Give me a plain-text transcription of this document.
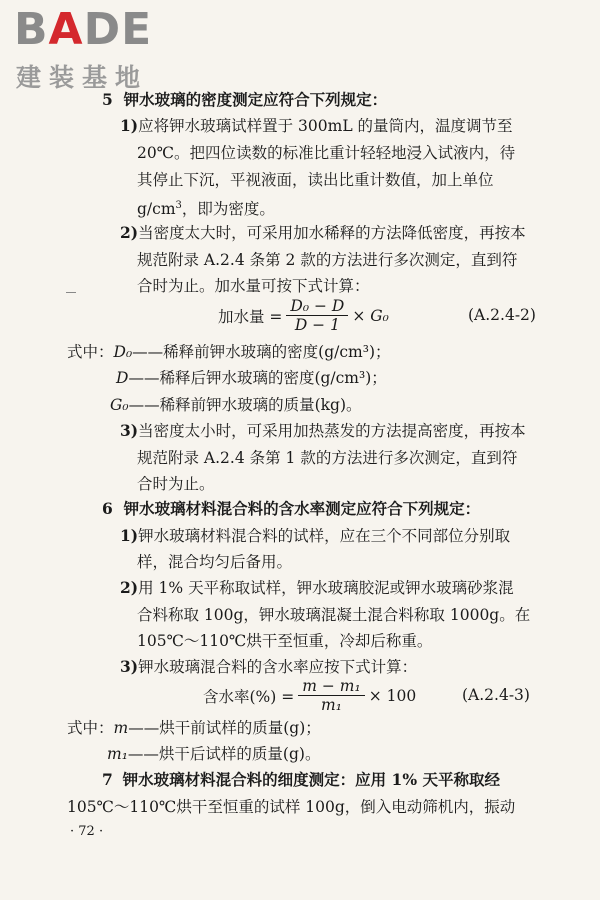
BADE
建装基地
5 钾水玻璃的密度测定应符合下列规定：
1)应将钾水玻璃试样置于 300mL 的量筒内，温度调节至
20℃。把四位读数的标准比重计轻轻地浸入试液内，待
其停止下沉，平视液面，读出比重计数值，加上单位
$g/cm^3$，即为密度。
2)当密度太大时，可采用加水稀释的方法降低密度，再按本
规范附录 A.2.4 条第 2 款的方法进行多次测定，直到符
合时为止。加水量可按下式计算：
加水量 = $\frac{\text{D₀ − D}}{D - 1} \times G_0$	(A.2.4-2)
式中：D₀——稀释前钾水玻璃的密度(g/cm³)；
D——稀释后钾水玻璃的密度(g/cm³)；
G₀——稀释前钾水玻璃的质量(kg)。
3)当密度太小时，可采用加热蒸发的方法提高密度，再按本
规范附录 A.2.4 条第 1 款的方法进行多次测定，直到符
合时为止。
6 钾水玻璃材料混合料的含水率测定应符合下列规定：
1)钾水玻璃材料混合料的试样，应在三个不同部位分别取
样，混合均匀后备用。
2)用 1% 天平称取试样，钾水玻璃胶泥或钾水玻璃砂浆混
合料称取 100g，钾水玻璃混凝土混合料称取 1000g。在
105℃～110℃烘干至恒重，冷却后称重。
3)钾水玻璃混合料的含水率应按下式计算：
含水率(%) = $\frac{\text{m − m₁}}{\text{m₁}} \times 100$	(A.2.4-3)
式中：m——烘干前试样的质量(g)；
m₁——烘干后试样的质量(g)。
7 钾水玻璃材料混合料的细度测定：应用 1% 天平称取经
105℃～110℃烘干至恒重的试样 100g，倒入电动筛机内，振动
· 72 ·
